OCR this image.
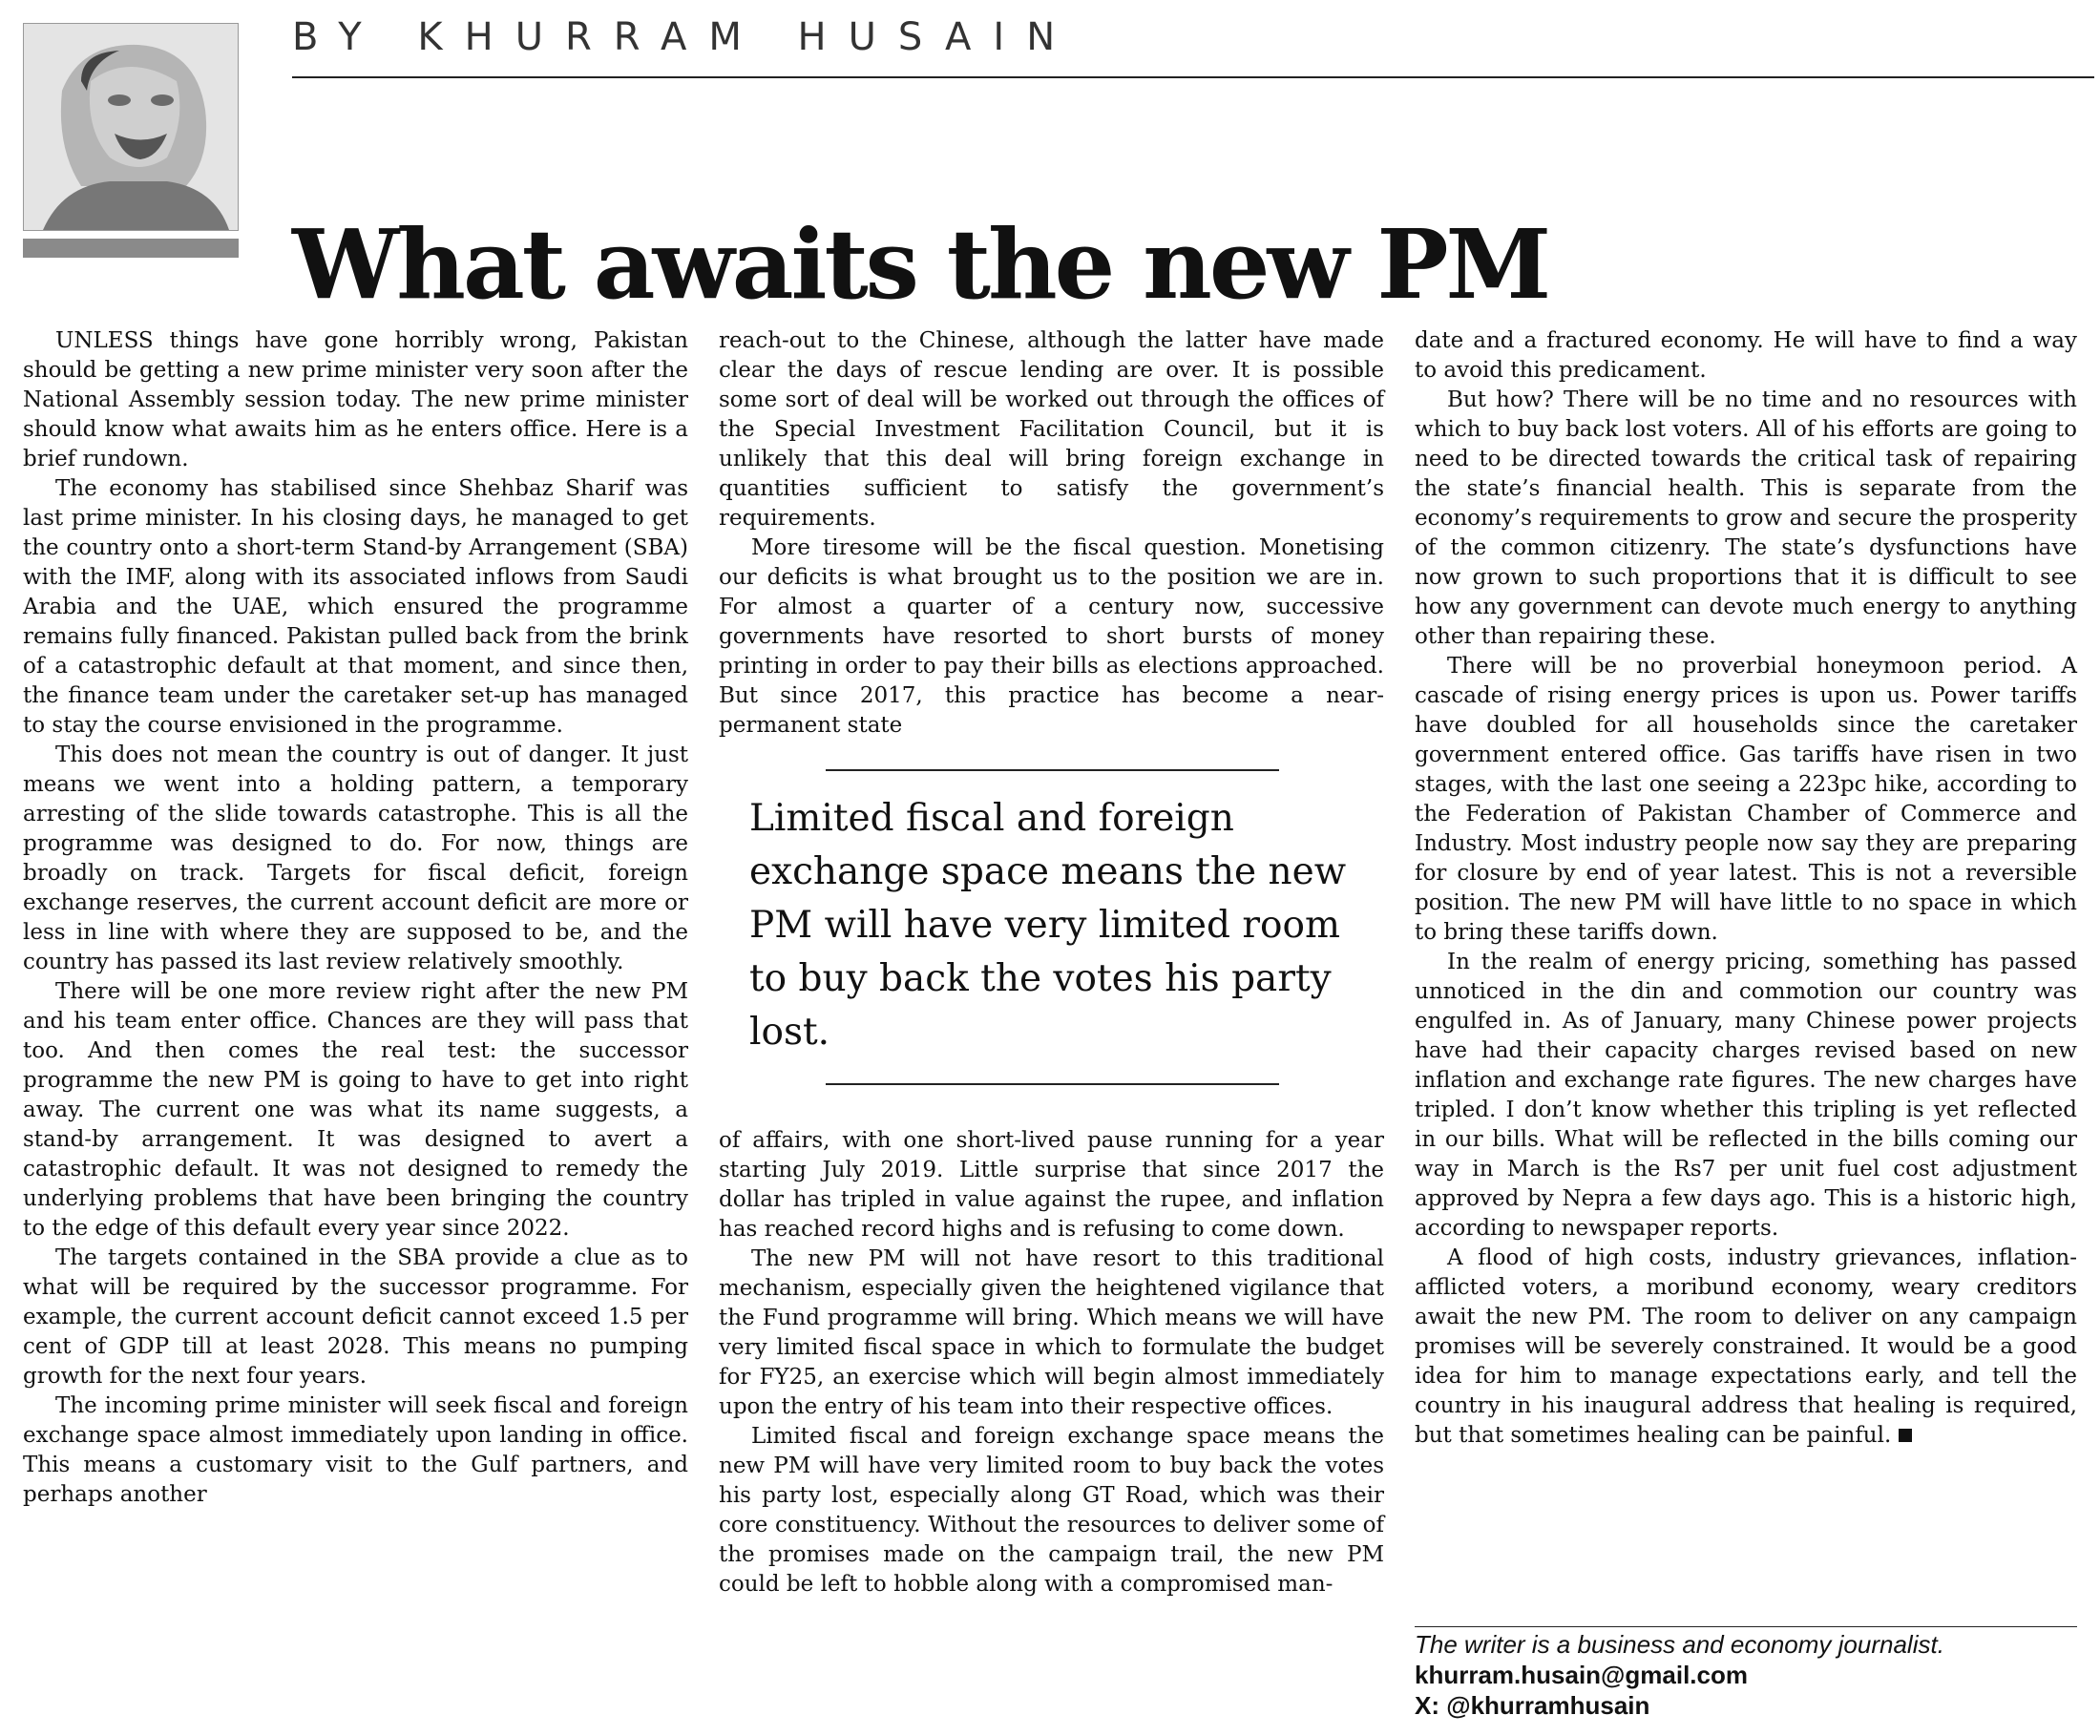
BY KHURRAM HUSAIN
What awaits the new PM

UNLESS things have gone horribly wrong, Pakistan should be getting a new prime minister very soon after the National Assembly session today. The new prime minister should know what awaits him as he enters office. Here is a brief rundown.

The economy has stabilised since Shehbaz Sharif was last prime minister. In his closing days, he managed to get the country onto a short-term Stand-by Arrangement (SBA) with the IMF, along with its associated inflows from Saudi Arabia and the UAE, which ensured the programme remains fully financed. Pakistan pulled back from the brink of a catastrophic default at that moment, and since then, the finance team under the caretaker set-up has managed to stay the course envisioned in the programme.

This does not mean the country is out of danger. It just means we went into a holding pattern, a temporary arresting of the slide towards catastrophe. This is all the programme was designed to do. For now, things are broadly on track. Targets for fiscal deficit, foreign exchange reserves, the current account deficit are more or less in line with where they are supposed to be, and the country has passed its last review relatively smoothly.

There will be one more review right after the new PM and his team enter office. Chances are they will pass that too. And then comes the real test: the successor programme the new PM is going to have to get into right away. The current one was what its name suggests, a stand-by arrangement. It was designed to avert a catastrophic default. It was not designed to remedy the underlying problems that have been bringing the country to the edge of this default every year since 2022.

The targets contained in the SBA provide a clue as to what will be required by the successor programme. For example, the current account deficit cannot exceed 1.5 per cent of GDP till at least 2028. This means no pumping growth for the next four years.

The incoming prime minister will seek fiscal and foreign exchange space almost immediately upon landing in office. This means a customary visit to the Gulf partners, and perhaps another

reach-out to the Chinese, although the latter have made clear the days of rescue lending are over. It is possible some sort of deal will be worked out through the offices of the Special Investment Facilitation Council, but it is unlikely that this deal will bring foreign exchange in quantities sufficient to satisfy the government’s requirements.

More tiresome will be the fiscal question. Monetising our deficits is what brought us to the position we are in. For almost a quarter of a century now, successive governments have resorted to short bursts of money printing in order to pay their bills as elections approached. But since 2017, this practice has become a near-permanent state

Limited fiscal and foreign exchange space means the new PM will have very limited room to buy back the votes his party lost.

of affairs, with one short-lived pause running for a year starting July 2019. Little surprise that since 2017 the dollar has tripled in value against the rupee, and inflation has reached record highs and is refusing to come down.

The new PM will not have resort to this traditional mechanism, especially given the heightened vigilance that the Fund programme will bring. Which means we will have very limited fiscal space in which to formulate the budget for FY25, an exercise which will begin almost immediately upon the entry of his team into their respective offices.

Limited fiscal and foreign exchange space means the new PM will have very limited room to buy back the votes his party lost, especially along GT Road, which was their core constituency. Without the resources to deliver some of the promises made on the campaign trail, the new PM could be left to hobble along with a compromised man-

date and a fractured economy. He will have to find a way to avoid this predicament.

But how? There will be no time and no resources with which to buy back lost voters. All of his efforts are going to need to be directed towards the critical task of repairing the state’s financial health. This is separate from the economy’s requirements to grow and secure the prosperity of the common citizenry. The state’s dysfunctions have now grown to such proportions that it is difficult to see how any government can devote much energy to anything other than repairing these.

There will be no proverbial honeymoon period. A cascade of rising energy prices is upon us. Power tariffs have doubled for all households since the caretaker government entered office. Gas tariffs have risen in two stages, with the last one seeing a 223pc hike, according to the Federation of Pakistan Chamber of Commerce and Industry. Most industry people now say they are preparing for closure by end of year latest. This is not a reversible position. The new PM will have little to no space in which to bring these tariffs down.

In the realm of energy pricing, something has passed unnoticed in the din and commotion our country was engulfed in. As of January, many Chinese power projects have had their capacity charges revised based on new inflation and exchange rate figures. The new charges have tripled. I don’t know whether this tripling is yet reflected in our bills. What will be reflected in the bills coming our way in March is the Rs7 per unit fuel cost adjustment approved by Nepra a few days ago. This is a historic high, according to newspaper reports.

A flood of high costs, industry grievances, inflation-afflicted voters, a moribund economy, weary creditors await the new PM. The room to deliver on any campaign promises will be severely constrained. It would be a good idea for him to manage expectations early, and tell the country in his inaugural address that healing is required, but that sometimes healing can be painful.

The writer is a business and economy journalist.
khurram.husain@gmail.com
X: @khurramhusain
